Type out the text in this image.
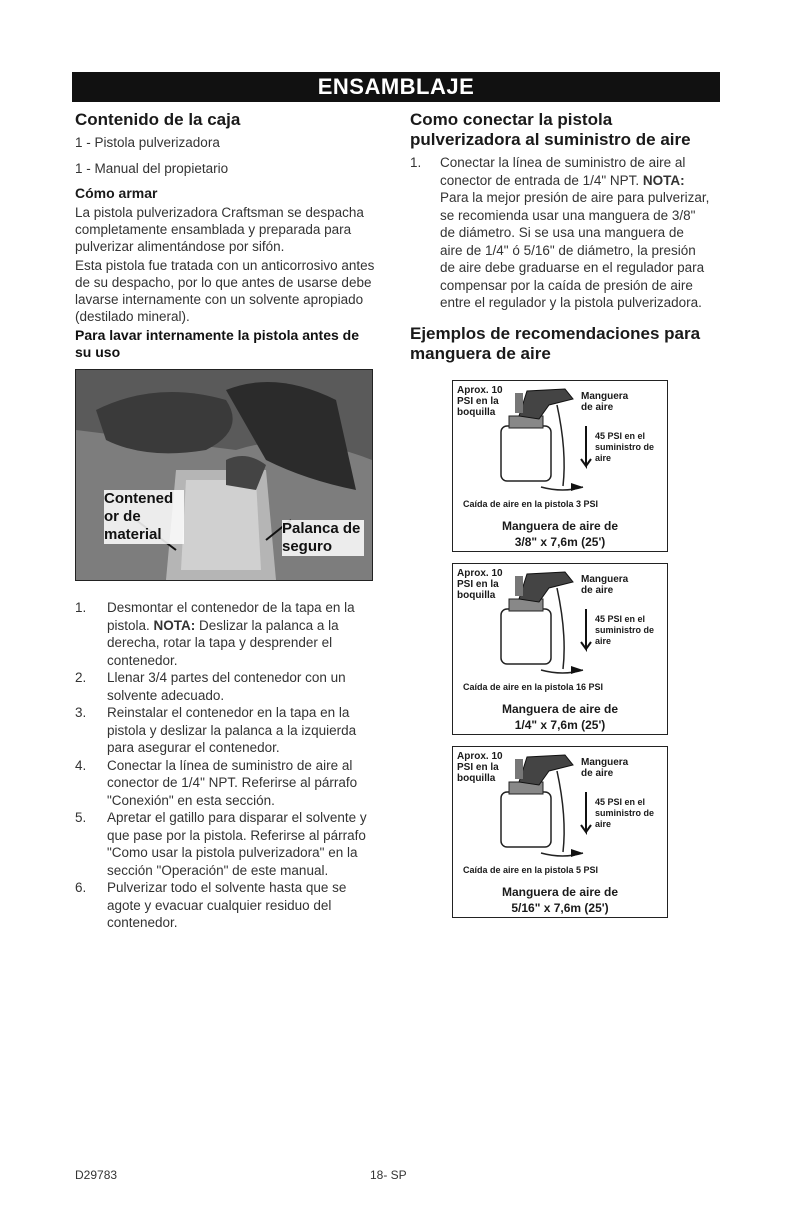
ENSAMBLAJE
Contenido de la caja

1 - Pistola pulverizadora

1 - Manual del propietario

Cómo armar

La pistola pulverizadora Craftsman se despacha completamente ensamblada y preparada para pulverizar alimentándose por sifón.

Esta pistola fue tratada con un anticorrosivo antes de su despacho, por lo que antes de usarse debe lavarse internamente con un solvente apropiado (destilado mineral).

Para lavar internamente la pistola antes de su uso

Contened or de material	Palanca de seguro
1.	Desmontar el contenedor de la tapa en la pistola. NOTA: Deslizar la palanca a la derecha, rotar la tapa y desprender el contenedor.
2.	Llenar 3/4 partes del contenedor con un solvente adecuado.
3.	Reinstalar el contenedor en la tapa en la pistola y deslizar la palanca a la izquierda para asegurar el contenedor.
4.	Conectar la línea de suministro de aire al conector de 1/4" NPT. Referirse al párrafo "Conexión" en esta sección.
5.	Apretar el gatillo para disparar el solvente y que pase por la pistola. Referirse al párrafo "Como usar la pistola pulverizadora" en la sección "Operación" de este manual.
6.	Pulverizar todo el solvente hasta que se agote y evacuar cualquier residuo del contenedor.
Como conectar la pistola pulverizadora al suministro de aire
1.	Conectar la línea de suministro de aire al conector de entrada de 1/4" NPT. NOTA: Para la mejor presión de aire para pulverizar, se recomienda usar una manguera de 3/8" de diámetro. Si se usa una manguera de aire de 1/4" ó 5/16" de diámetro, la presión de aire debe graduarse en el regulador para compensar por la caída de presión de aire entre el regulador y la pistola pulverizadora.
Ejemplos de recomendaciones para manguera de aire
Aprox. 10 PSI en la boquilla
Manguera de aire
45 PSI en el suministro de aire
Caída de aire en la pistola 3 PSI
Manguera de aire de
3/8" x 7,6m (25')
Aprox. 10 PSI en la boquilla
Manguera de aire
45 PSI en el suministro de aire
Caída de aire en la pistola 16 PSI
Manguera de aire de
1/4" x 7,6m (25')
Aprox. 10 PSI en la boquilla
Manguera de aire
45 PSI en el suministro de aire
Caída de aire en la pistola 5 PSI
Manguera de aire de
5/16" x 7,6m (25')
D29783	18- SP
